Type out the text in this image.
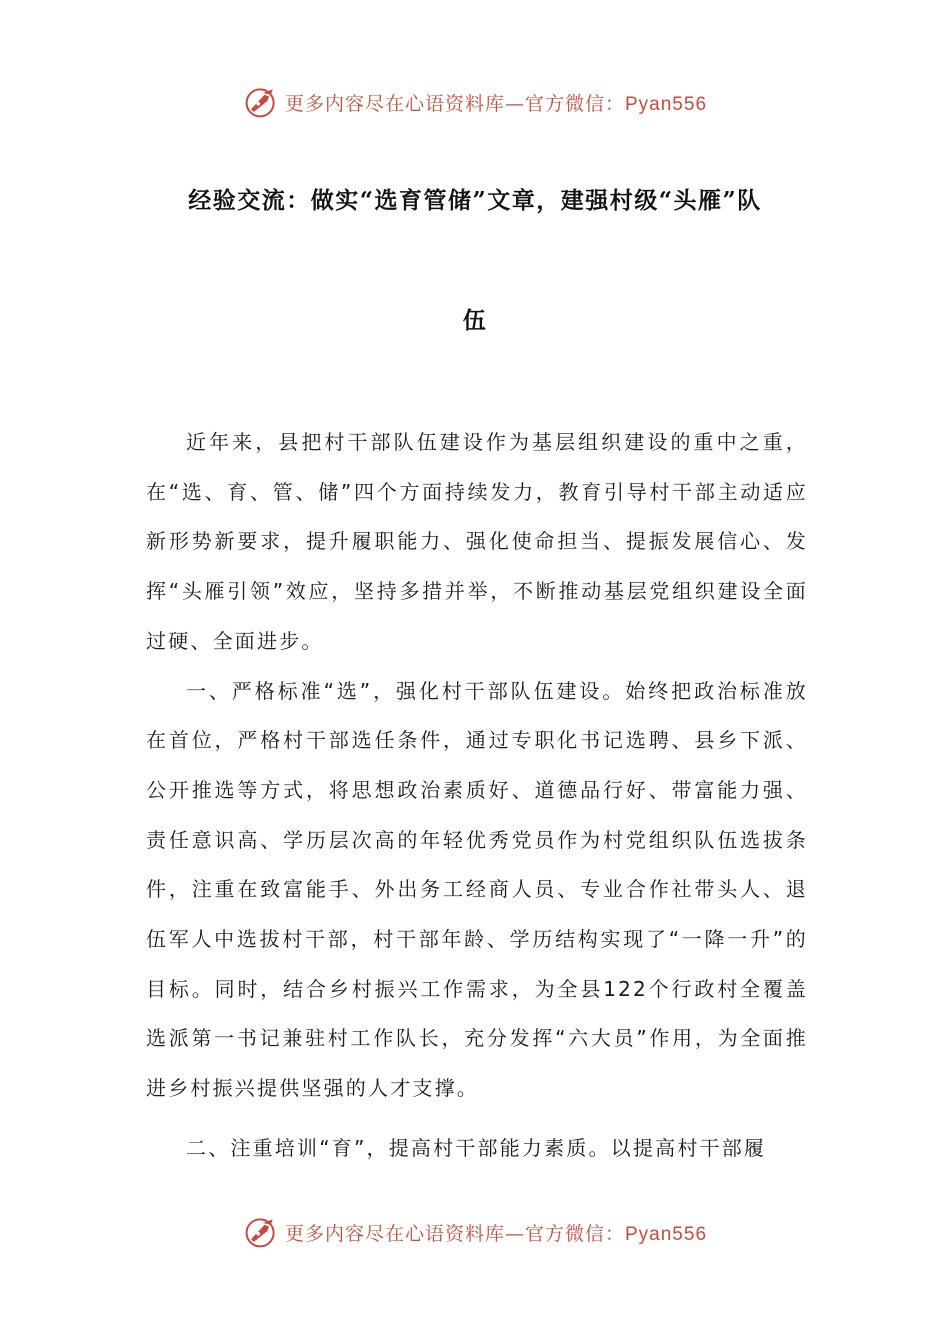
更多内容尽在心语资料库—官方微信：Pyan556
经验交流：做实“选育管储”文章，建强村级“头雁”队
伍

近年来，县把村干部队伍建设作为基层组织建设的重中之重，在“选、育、管、储”四个方面持续发力，教育引导村干部主动适应新形势新要求，提升履职能力、强化使命担当、提振发展信心、发挥“头雁引领”效应，坚持多措并举，不断推动基层党组织建设全面过硬、全面进步。

一、严格标准“选”，强化村干部队伍建设。始终把政治标准放在首位，严格村干部选任条件，通过专职化书记选聘、县乡下派、公开推选等方式，将思想政治素质好、道德品行好、带富能力强、责任意识高、学历层次高的年轻优秀党员作为村党组织队伍选拔条件，注重在致富能手、外出务工经商人员、专业合作社带头人、退伍军人中选拔村干部，村干部年龄、学历结构实现了“一降一升”的目标。同时，结合乡村振兴工作需求，为全县122个行政村全覆盖选派第一书记兼驻村工作队长，充分发挥“六大员”作用，为全面推进乡村振兴提供坚强的人才支撑。

二、注重培训“育”，提高村干部能力素质。以提高村干部履

更多内容尽在心语资料库—官方微信：Pyan556
